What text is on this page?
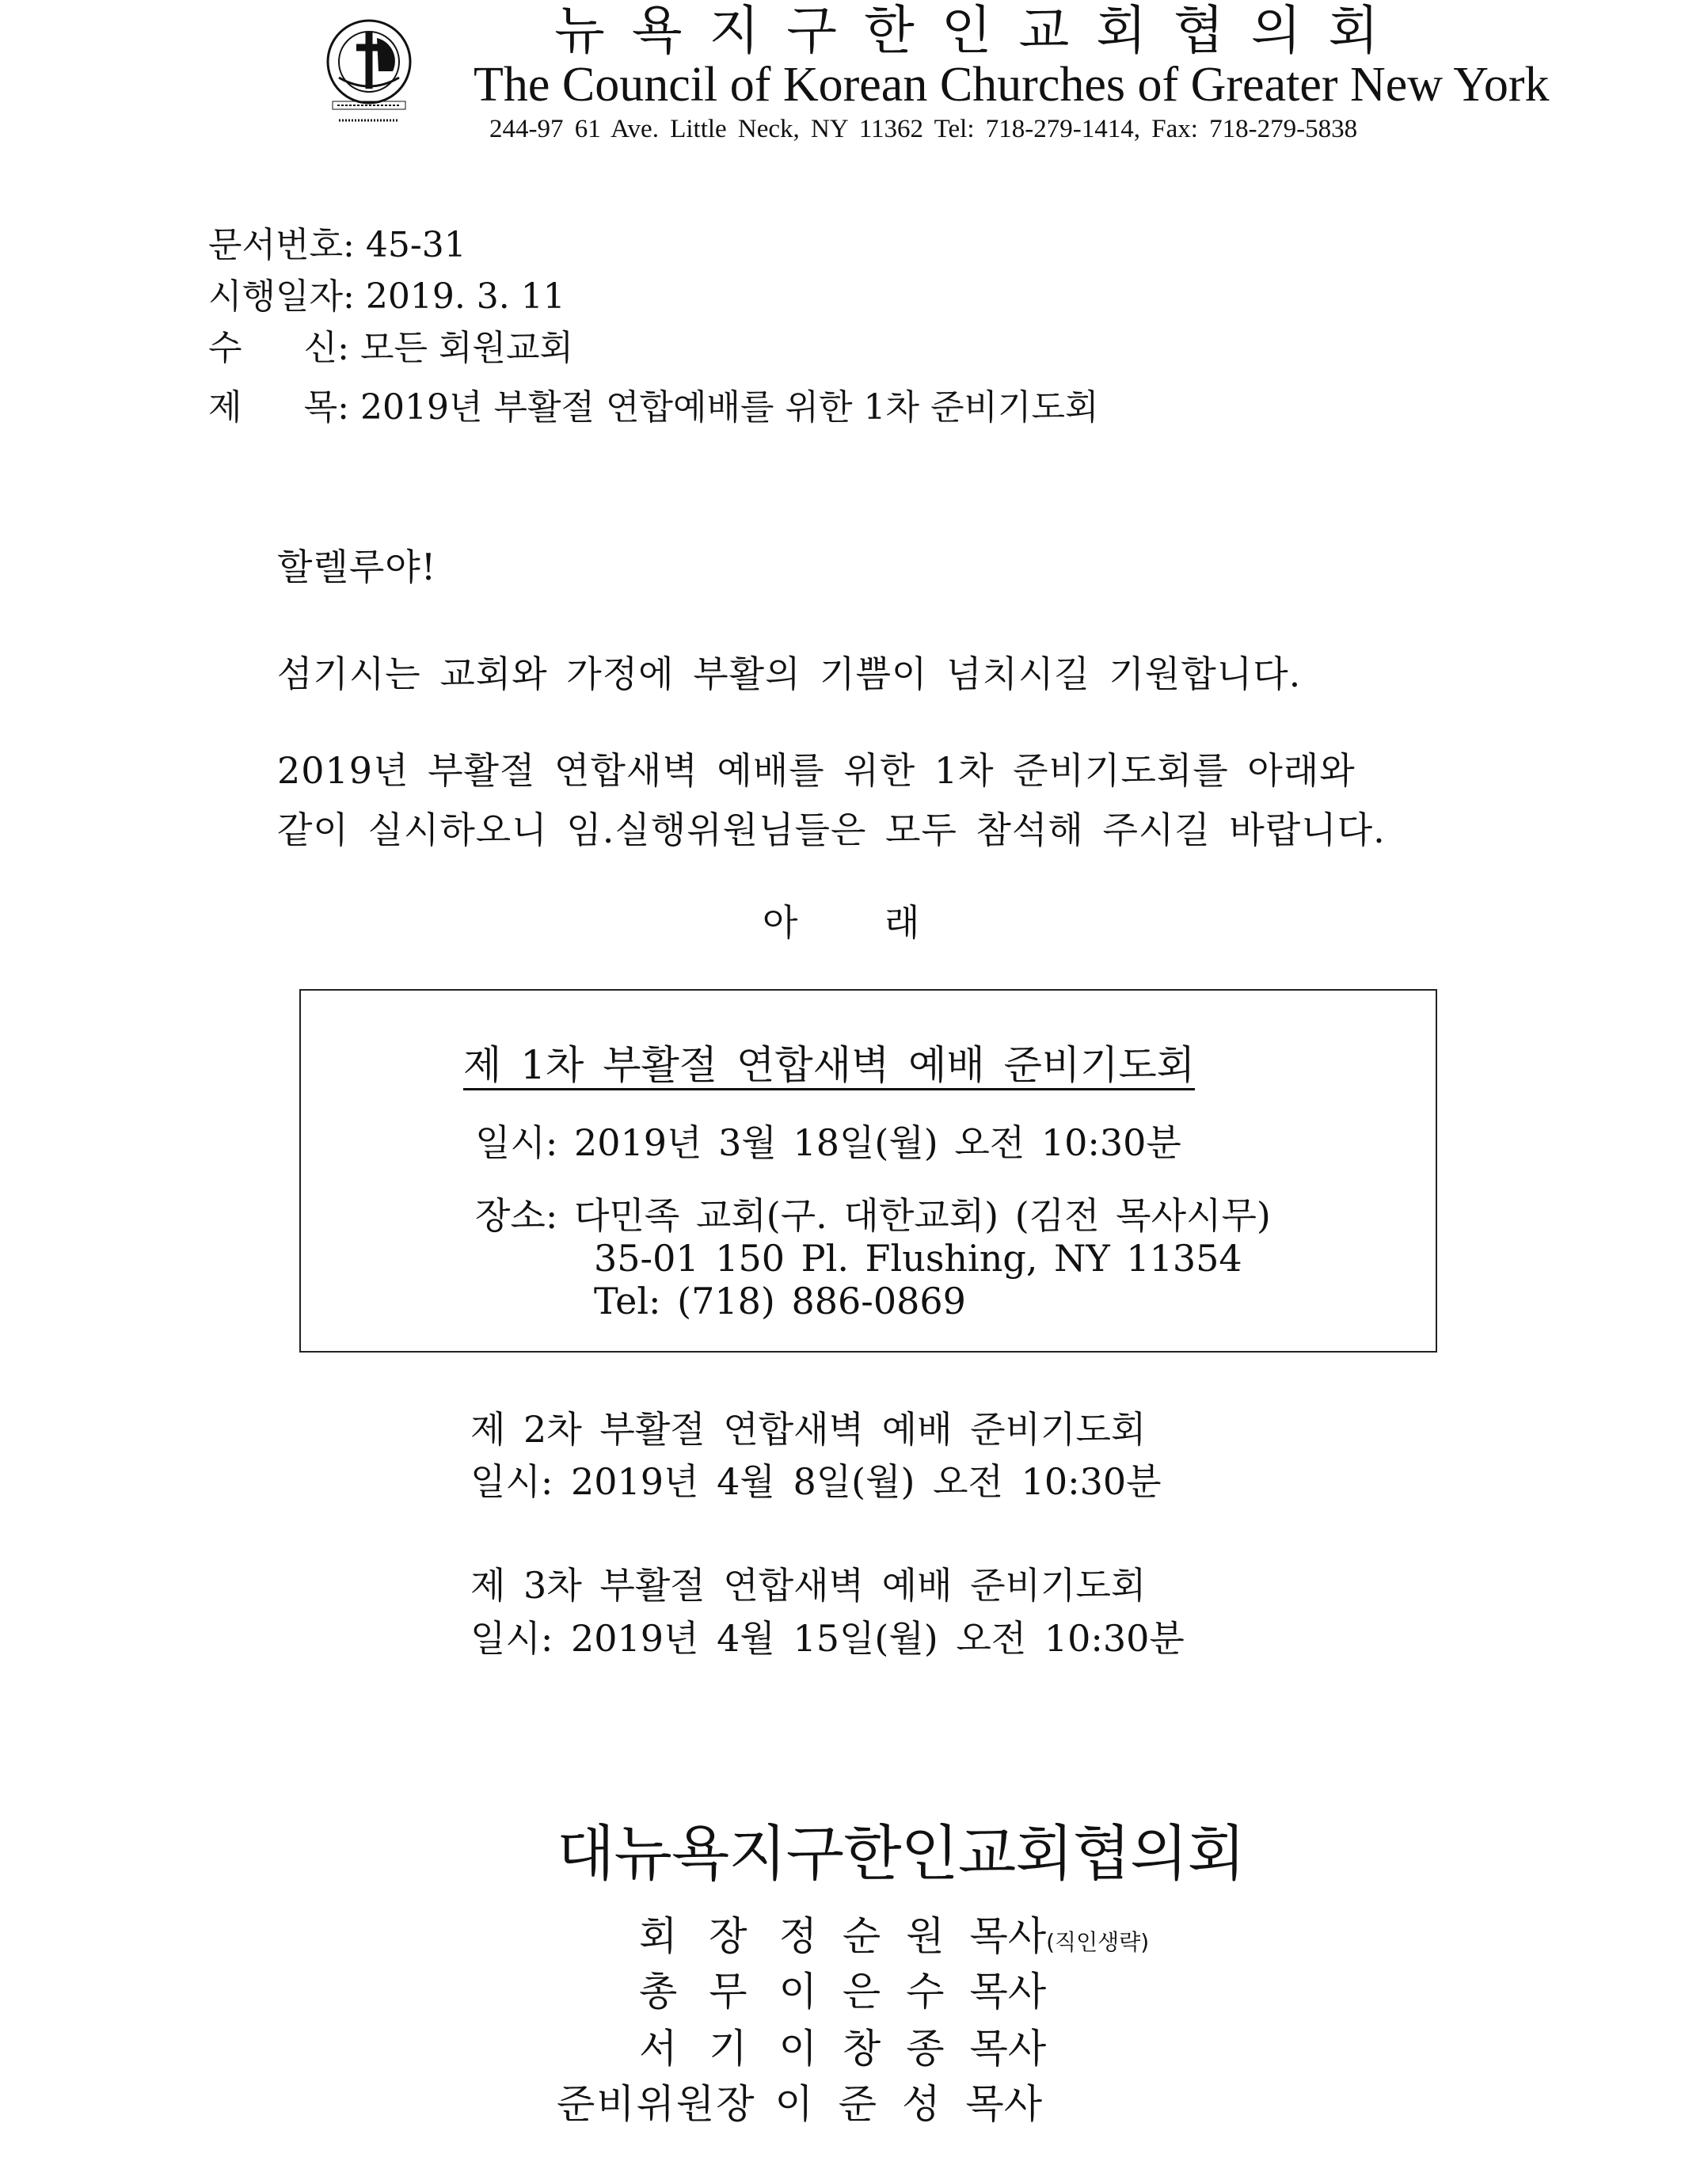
뉴욕지구한인교회협의회
The Council of Korean Churches of Greater New York
244-97 61 Ave. Little Neck, NY 11362 Tel: 718-279-1414, Fax: 718-279-5838
문서번호: 45-31
시행일자: 2019. 3. 11
수 신: 모든 회원교회
제 목: 2019년 부활절 연합예배를 위한 1차 준비기도회
할렐루야!
섬기시는 교회와 가정에 부활의 기쁨이 넘치시길 기원합니다.
2019년 부활절 연합새벽 예배를 위한 1차 준비기도회를 아래와
같이 실시하오니 임.실행위원님들은 모두 참석해 주시길 바랍니다.
아 래
제 1차 부활절 연합새벽 예배 준비기도회
일시: 2019년 3월 18일(월) 오전 10:30분
장소: 다민족 교회(구. 대한교회) (김전 목사시무)
35-01 150 Pl. Flushing, NY 11354
Tel: (718) 886-0869
제 2차 부활절 연합새벽 예배 준비기도회
일시: 2019년 4월 8일(월) 오전 10:30분
제 3차 부활절 연합새벽 예배 준비기도회
일시: 2019년 4월 15일(월) 오전 10:30분
대뉴욕지구한인교회협의회
회장정순원목사(직인생략)
총무이은수목사
서기이창종목사
준비위원장 이준성목사
